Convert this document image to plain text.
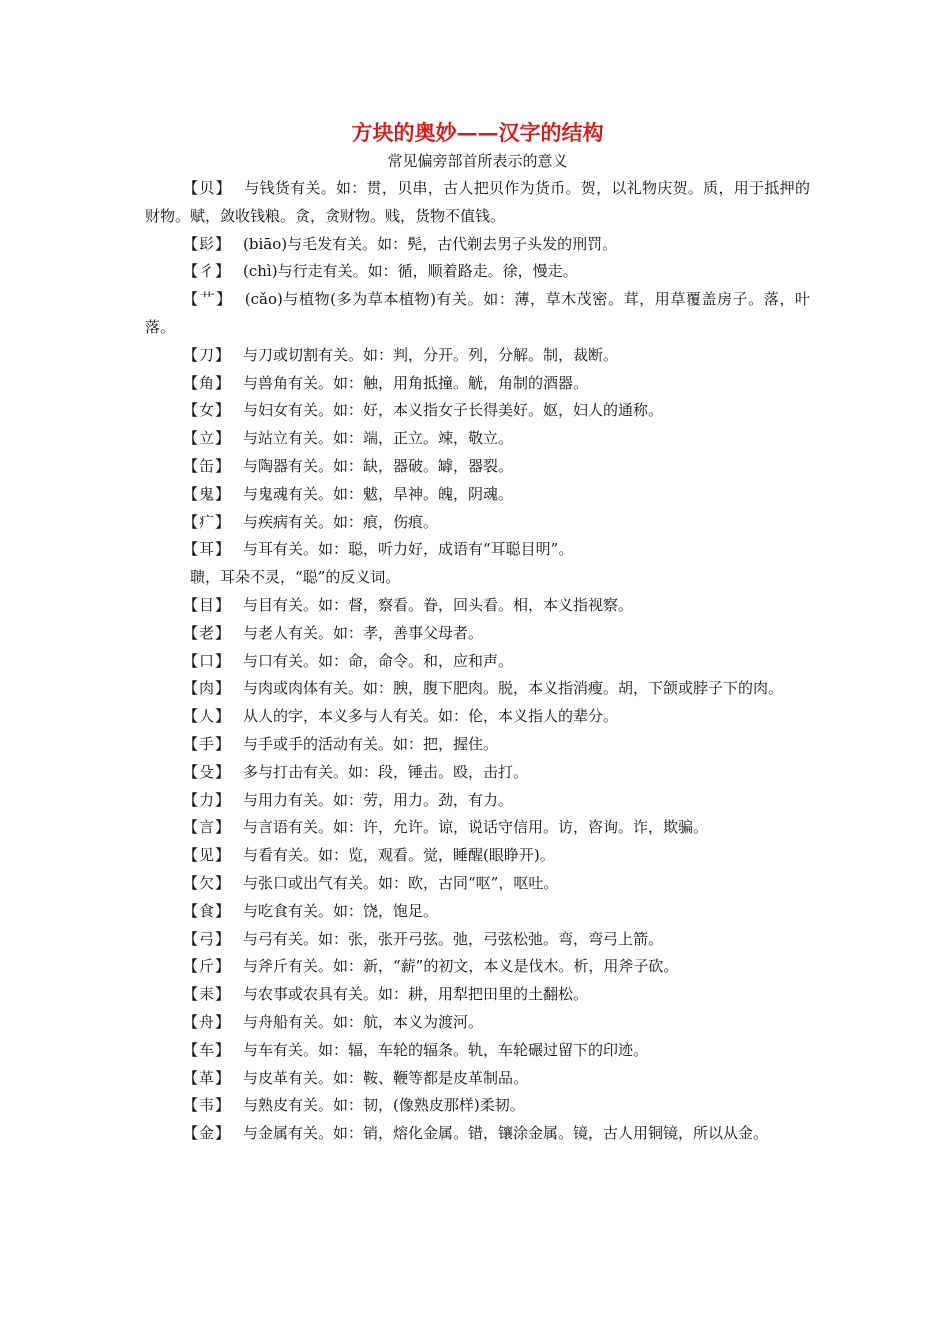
方块的奥妙——汉字的结构

常见偏旁部首所表示的意义

【贝】 与钱货有关。如：贯，贝串，古人把贝作为货币。贺，以礼物庆贺。质，用于抵押的财物。赋，敛收钱粮。贪，贪财物。贱，货物不值钱。

【髟】 (biāo)与毛发有关。如：髡，古代剃去男子头发的刑罚。

【彳】 (chì)与行走有关。如：循，顺着路走。徐，慢走。

【艹】 (cǎo)与植物(多为草本植物)有关。如：薄，草木茂密。茸，用草覆盖房子。落，叶落。

【刀】 与刀或切割有关。如：判，分开。列，分解。制，裁断。

【角】 与兽角有关。如：触，用角抵撞。觥，角制的酒器。

【女】 与妇女有关。如：好，本义指女子长得美好。妪，妇人的通称。

【立】 与站立有关。如：端，正立。竦，敬立。

【缶】 与陶器有关。如：缺，器破。罅，器裂。

【鬼】 与鬼魂有关。如：魃，旱神。魄，阴魂。

【疒】 与疾病有关。如：痕，伤痕。

【耳】 与耳有关。如：聪，听力好，成语有“耳聪目明”。

聩，耳朵不灵，“聪”的反义词。

【目】 与目有关。如：督，察看。眷，回头看。相，本义指视察。

【老】 与老人有关。如：孝，善事父母者。

【口】 与口有关。如：命，命令。和，应和声。

【肉】 与肉或肉体有关。如：腴，腹下肥肉。脱，本义指消瘦。胡，下颌或脖子下的肉。

【人】 从人的字，本义多与人有关。如：伦，本义指人的辈分。

【手】 与手或手的活动有关。如：把，握住。

【殳】 多与打击有关。如：段，锤击。殴，击打。

【力】 与用力有关。如：劳，用力。劲，有力。

【言】 与言语有关。如：许，允许。谅，说话守信用。访，咨询。诈，欺骗。

【见】 与看有关。如：览，观看。觉，睡醒(眼睁开)。

【欠】 与张口或出气有关。如：欧，古同“呕”，呕吐。

【食】 与吃食有关。如：饶，饱足。

【弓】 与弓有关。如：张，张开弓弦。弛，弓弦松弛。弯，弯弓上箭。

【斤】 与斧斤有关。如：新，“薪”的初文，本义是伐木。析，用斧子砍。

【耒】 与农事或农具有关。如：耕，用犁把田里的土翻松。

【舟】 与舟船有关。如：航，本义为渡河。

【车】 与车有关。如：辐，车轮的辐条。轨，车轮碾过留下的印迹。

【革】 与皮革有关。如：鞍、鞭等都是皮革制品。

【韦】 与熟皮有关。如：韧，(像熟皮那样)柔韧。

【金】 与金属有关。如：销，熔化金属。错，镶涂金属。镜，古人用铜镜，所以从金。
